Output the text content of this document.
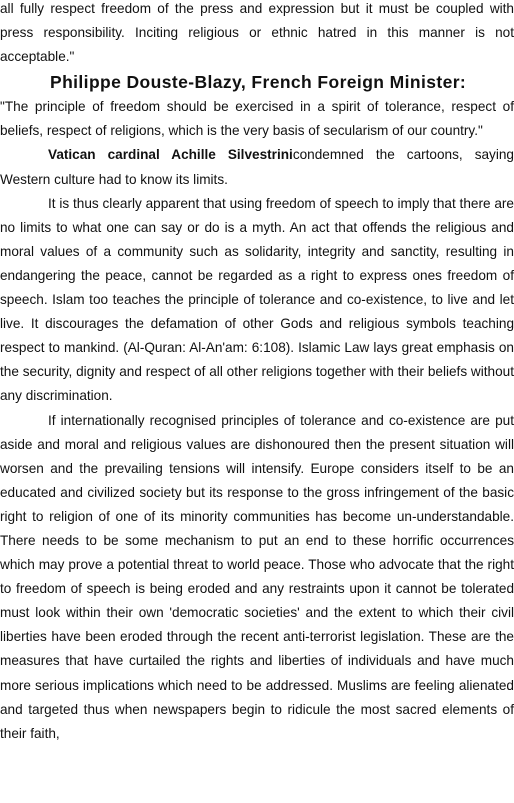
all fully respect freedom of the press and expression but it must be coupled with press responsibility. Inciting religious or ethnic hatred in this manner is not acceptable."

Philippe Douste-Blazy, French Foreign Minister:

"The principle of freedom should be exercised in a spirit of tolerance, respect of beliefs, respect of religions, which is the very basis of secularism of our country."

Vatican cardinal Achille Silvestrinicondemned the cartoons, saying Western culture had to know its limits.

It is thus clearly apparent that using freedom of speech to imply that there are no limits to what one can say or do is a myth. An act that offends the religious and moral values of a community such as solidarity, integrity and sanctity, resulting in endangering the peace, cannot be regarded as a right to express ones freedom of speech. Islam too teaches the principle of tolerance and co-existence, to live and let live. It discourages the defamation of other Gods and religious symbols teaching respect to mankind. (Al-Quran: Al-An'am: 6:108). Islamic Law lays great emphasis on the security, dignity and respect of all other religions together with their beliefs without any discrimination.

If internationally recognised principles of tolerance and co-existence are put aside and moral and religious values are dishonoured then the present situation will worsen and the prevailing tensions will intensify. Europe considers itself to be an educated and civilized society but its response to the gross infringement of the basic right to religion of one of its minority communities has become un-understandable. There needs to be some mechanism to put an end to these horrific occurrences which may prove a potential threat to world peace. Those who advocate that the right to freedom of speech is being eroded and any restraints upon it cannot be tolerated must look within their own 'democratic societies' and the extent to which their civil liberties have been eroded through the recent anti-terrorist legislation. These are the measures that have curtailed the rights and liberties of individuals and have much more serious implications which need to be addressed. Muslims are feeling alienated and targeted thus when newspapers begin to ridicule the most sacred elements of their faith,
